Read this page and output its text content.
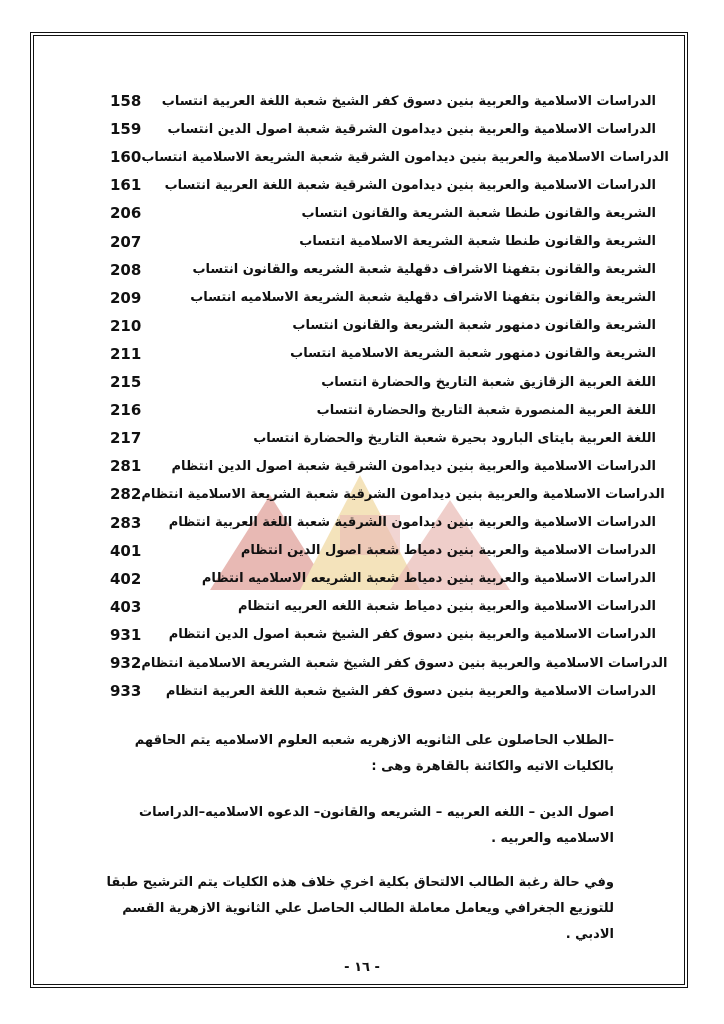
158	الدراسات الاسلامية والعربية بنين دسوق كفر الشيخ شعبة اللغة العربية انتساب
159	الدراسات الاسلامية والعربية بنين ديدامون الشرقية شعبة اصول الدين انتساب
160 الدراسات الاسلامية والعربية بنين ديدامون الشرقية شعبة الشريعة الاسلامية انتساب
161	الدراسات الاسلامية والعربية بنين ديدامون الشرقية شعبة اللغة العربية انتساب
206	الشريعة والقانون طنطا شعبة الشريعة والقانون انتساب
207	الشريعة والقانون طنطا شعبة الشريعة الاسلامية انتساب
208	الشريعة والقانون بتفهنا الاشراف دقهلية شعبة الشريعه والقانون انتساب
209	الشريعة والقانون بتفهنا الاشراف دقهلية شعبة الشريعة الاسلاميه انتساب
210	الشريعة والقانون دمنهور شعبة الشريعة والقانون انتساب
211	الشريعة والقانون دمنهور شعبة الشريعة الاسلامية انتساب
215	اللغة العربية الزقازيق شعبة التاريخ والحضارة انتساب
216	اللغة العربية المنصورة شعبة التاريخ والحضارة انتساب
217	اللغة العربية بايتاى البارود بحيرة شعبة التاريخ والحضارة انتساب
281	الدراسات الاسلامية والعربية بنين ديدامون الشرقية شعبة اصول الدين انتظام
282 الدراسات الاسلامية والعربية بنين ديدامون الشرقية شعبة الشريعة الاسلامية انتظام
283	الدراسات الاسلامية والعربية بنين ديدامون الشرقية شعبة اللغة العربية انتظام
401	الدراسات الاسلامية والعربية بنين دمياط شعبة اصول الدين انتظام
402	الدراسات الاسلامية والعربية بنين دمياط شعبة الشريعه الاسلاميه انتظام
403	الدراسات الاسلامية والعربية بنين دمياط شعبة اللغه العربيه انتظام
931	الدراسات الاسلامية والعربية بنين دسوق كفر الشيخ شعبة اصول الدين انتظام
932 الدراسات الاسلامية والعربية بنين دسوق كفر الشيخ شعبة الشريعة الاسلامية انتظام
933	الدراسات الاسلامية والعربية بنين دسوق كفر الشيخ شعبة اللغة العربية انتظام
–الطلاب الحاصلون على الثانويه الازهريه شعبه العلوم الاسلاميه يتم الحاقهم بالكليات الاتيه والكائنة بالقاهرة وهى :
اصول الدين – اللغه العربيه – الشريعه والقانون– الدعوه الاسلاميه–الدراسات الاسلاميه والعربيه .
وفي حالة رغبة الطالب الالتحاق بكلية اخري خلاف هذه الكليات يتم الترشيح طبقا للتوزيع الجغرافي ويعامل معاملة الطالب الحاصل علي الثانوية الازهرية القسم الادبي .
- ١٦ -
